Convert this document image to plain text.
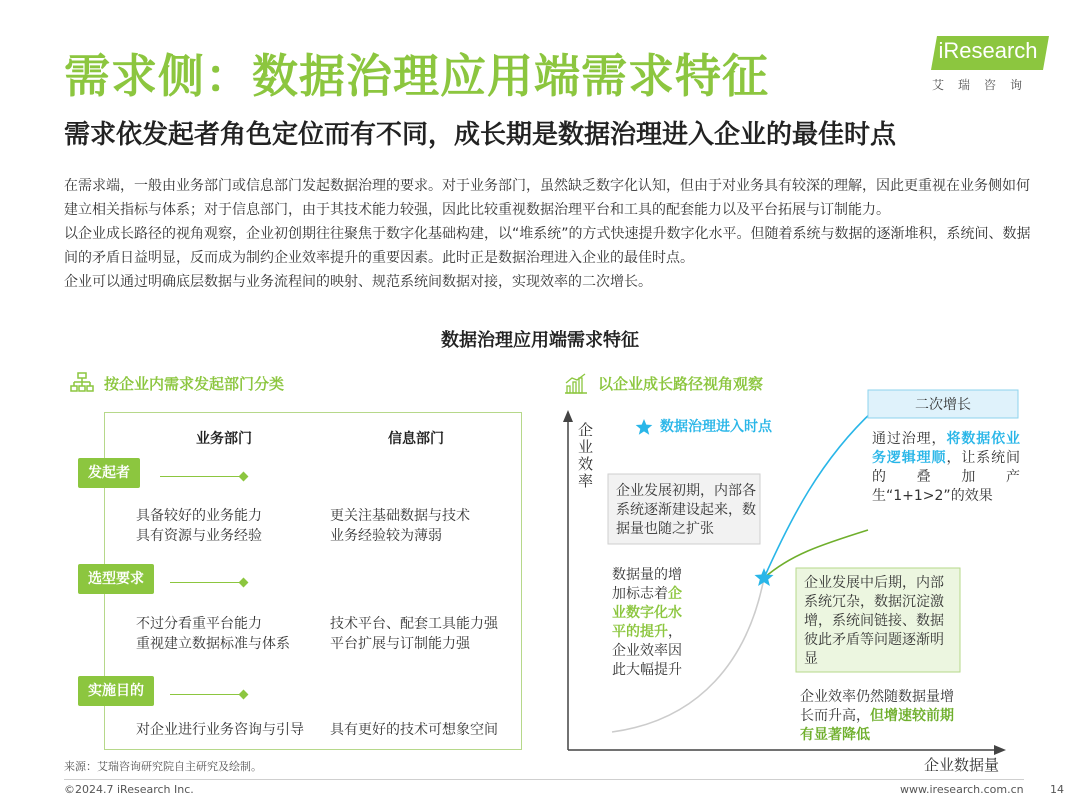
需求侧：数据治理应用端需求特征
需求依发起者角色定位而有不同，成长期是数据治理进入企业的最佳时点
iResearch
艾瑞咨询

在需求端，一般由业务部门或信息部门发起数据治理的要求。对于业务部门，虽然缺乏数字化认知，但由于对业务具有较深的理解，因此更重视在业务侧如何建立相关指标与体系；对于信息部门，由于其技术能力较强，因此比较重视数据治理平台和工具的配套能力以及平台拓展与订制能力。

以企业成长路径的视角观察，企业初创期往往聚焦于数字化基础构建，以“堆系统”的方式快速提升数字化水平。但随着系统与数据的逐渐堆积，系统间、数据间的矛盾日益明显，反而成为制约企业效率提升的重要因素。此时正是数据治理进入企业的最佳时点。

企业可以通过明确底层数据与业务流程间的映射、规范系统间数据对接，实现效率的二次增长。

数据治理应用端需求特征
按企业内需求发起部门分类
业务部门	信息部门
发起者
具备较好的业务能力
具有资源与业务经验
更关注基础数据与技术
业务经验较为薄弱
选型要求
不过分看重平台能力
重视建立数据标准与体系
技术平台、配套工具能力强
平台扩展与订制能力强
实施目的
对企业进行业务咨询与引导 具有更好的技术可想象空间
以企业成长路径视角观察
企业效率
企业数据量
数据治理进入时点
二次增长
通过治理，将数据依业务逻辑理顺，让系统间的叠加产生“1+1>2”的效果
企业发展初期，内部各系统逐渐建设起来，数据量也随之扩张
数据量的增加标志着企业数字化水平的提升，企业效率因此大幅提升
企业发展中后期，内部系统冗杂，数据沉淀激增，系统间链接、数据彼此矛盾等问题逐渐明显
企业效率仍然随数据量增长而升高，但增速较前期有显著降低
来源：艾瑞咨询研究院自主研究及绘制。
©2024.7 iResearch Inc.	www.iresearch.com.cn 14
